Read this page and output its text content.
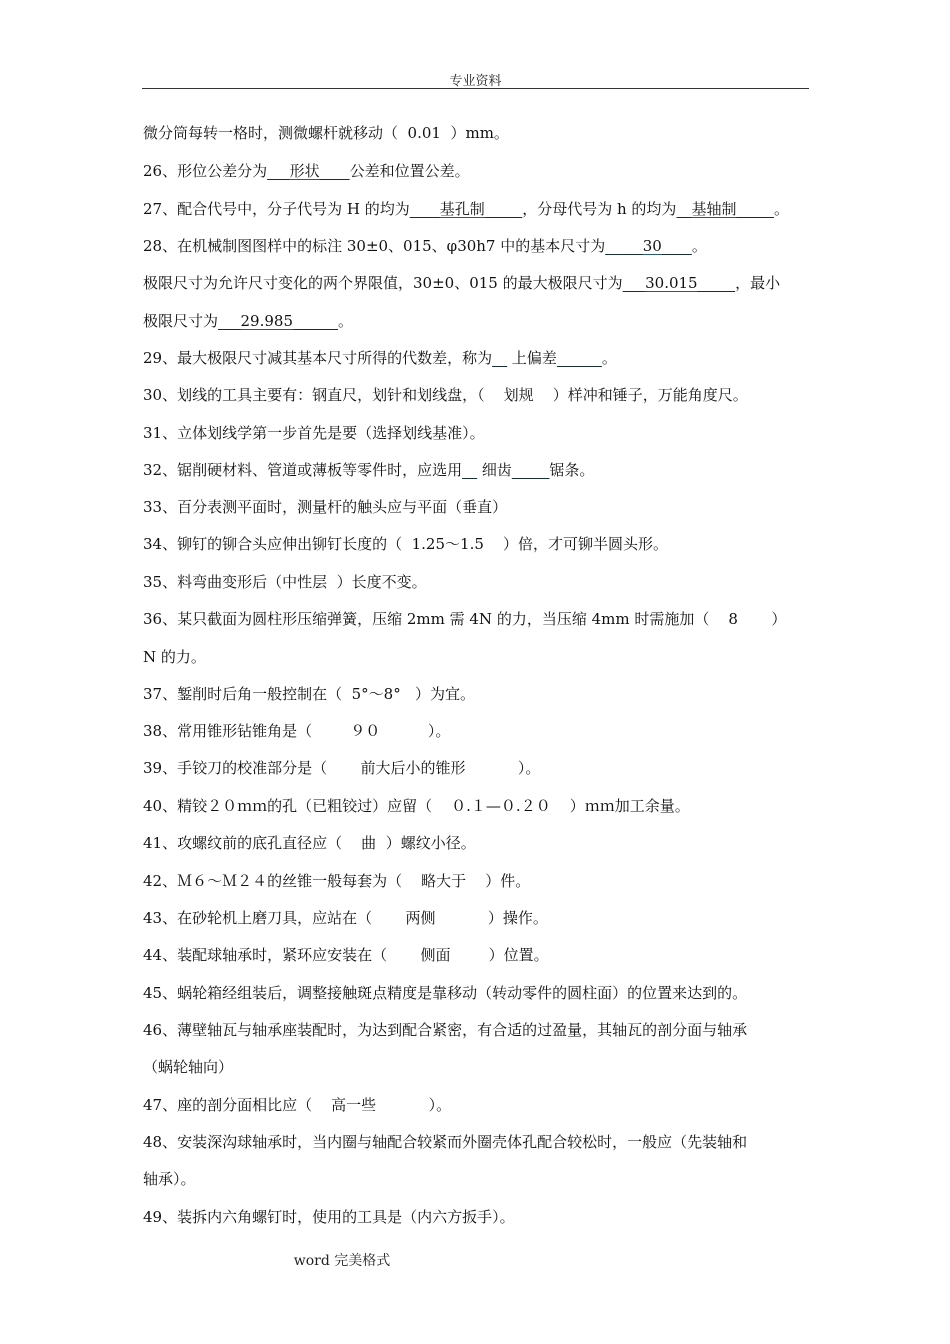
专业资料
微分筒每转一格时，测微螺杆就移动（  0.01  ）mm。
26、形位公差分为___形状____公差和位置公差。
27、配合代号中，分子代号为 H 的均为____基孔制_____，分母代号为 h 的均为__基轴制_____。
28、在机械制图图样中的标注 30±0、015、φ30h7 中的基本尺寸为_____30____。
极限尺寸为允许尺寸变化的两个界限值，30±0、015 的最大极限尺寸为___30.015_____，最小
极限尺寸为___29.985______。
29、最大极限尺寸减其基本尺寸所得的代数差，称为__ 上偏差______。
30、划线的工具主要有：钢直尺，划针和划线盘，（    划规    ）样冲和锤子，万能角度尺。
31、立体划线学第一步首先是要（选择划线基准）。
32、锯削硬材料、管道或薄板等零件时，应选用__ 细齿_____锯条。
33、百分表测平面时，测量杆的触头应与平面（垂直）
34、铆钉的铆合头应伸出铆钉长度的（  1.25～1.5    ）倍，才可铆半圆头形。
35、料弯曲变形后（中性层  ）长度不变。
36、某只截面为圆柱形压缩弹簧，压缩 2mm 需 4N 的力，当压缩 4mm 时需施加（    8       ）
N 的力。
37、錾削时后角一般控制在（  5°～8°   ）为宜。
38、常用锥形钻锥角是（        ９０          ）。
39、手铰刀的校准部分是（       前大后小的锥形           ）。
40、精铰２０ｍｍ的孔（已粗铰过）应留（    ０.１—０.２０    ）ｍｍ加工余量。
41、攻螺纹前的底孔直径应（    曲  ）螺纹小径。
42、Ｍ６～Ｍ２４的丝锥一般每套为（    略大于    ）件。
43、在砂轮机上磨刀具，应站在（       两侧           ）操作。
44、装配球轴承时，紧环应安装在（       侧面        ）位置。
45、蜗轮箱经组装后，调整接触斑点精度是靠移动（转动零件的圆柱面）的位置来达到的。
46、薄壁轴瓦与轴承座装配时，为达到配合紧密，有合适的过盈量，其轴瓦的剖分面与轴承
（蜗轮轴向）
47、座的剖分面相比应（    高一些           ）。
48、安装深沟球轴承时，当内圈与轴配合较紧而外圈壳体孔配合较松时，一般应（先装轴和
轴承）。
49、装拆内六角螺钉时，使用的工具是（内六方扳手）。
word 完美格式
